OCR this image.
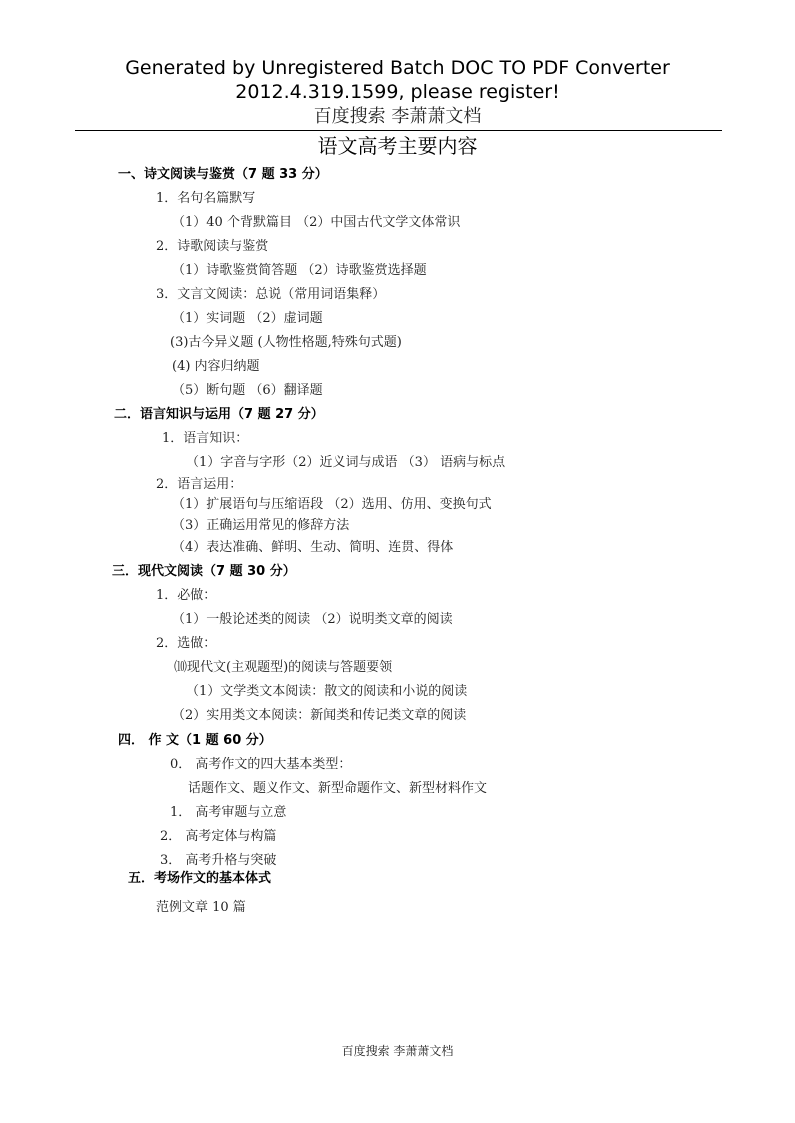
Generated by Unregistered Batch DOC TO PDF Converter
2012.4.319.1599, please register!
百度搜索 李萧萧文档
语文高考主要内容
一、诗文阅读与鉴赏（7 题 33 分）
1．名句名篇默写
（1）40 个背默篇目 （2）中国古代文学文体常识
2．诗歌阅读与鉴赏
（1）诗歌鉴赏简答题 （2）诗歌鉴赏选择题
3．文言文阅读：总说（常用词语集释）
（1）实词题 （2）虚词题
(3)古今异义题 (人物性格题,特殊句式题)
(4) 内容归纳题
（5）断句题 （6）翻译题
二．语言知识与运用（7 题 27 分）
1．语言知识：
（1）字音与字形（2）近义词与成语 （3） 语病与标点
2．语言运用：
（1）扩展语句与压缩语段 （2）选用、仿用、变换句式
（3）正确运用常见的修辞方法
（4）表达准确、鲜明、生动、简明、连贯、得体
三．现代文阅读（7 题 30 分）
1．必做：
（1）一般论述类的阅读 （2）说明类文章的阅读
2．选做：
⑽现代文(主观题型)的阅读与答题要领
（1）文学类文本阅读：散文的阅读和小说的阅读
（2）实用类文本阅读：新闻类和传记类文章的阅读
四． 作 文（1 题 60 分）
0． 高考作文的四大基本类型：
话题作文、题义作文、新型命题作文、新型材料作文
1． 高考审题与立意
2． 高考定体与构篇
3． 高考升格与突破
五．考场作文的基本体式
范例文章 10 篇
百度搜索 李萧萧文档
